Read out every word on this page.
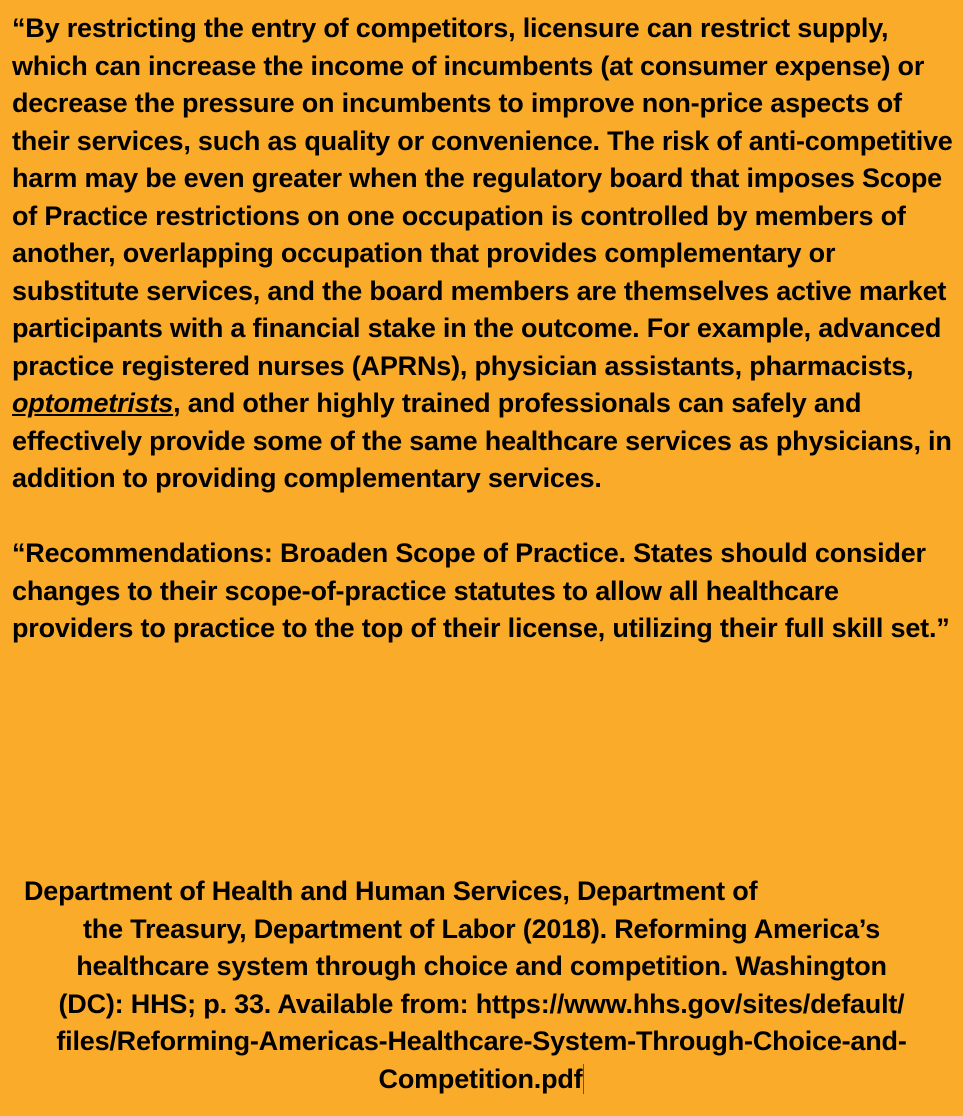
“By restricting the entry of competitors, licensure can restrict supply, which can increase the income of incumbents (at consumer expense) or decrease the pressure on incumbents to improve non-price aspects of their services, such as quality or convenience. The risk of anti-competitive harm may be even greater when the regulatory board that imposes Scope of Practice restrictions on one occupation is controlled by members of another, overlapping occupation that provides complementary or substitute services, and the board members are themselves active market participants with a financial stake in the outcome. For example, advanced practice registered nurses (APRNs), physician assistants, pharmacists, optometrists, and other highly trained professionals can safely and effectively provide some of the same healthcare services as physicians, in addition to providing complementary services.

“Recommendations: Broaden Scope of Practice. States should consider changes to their scope-of-practice statutes to allow all healthcare providers to practice to the top of their license, utilizing their full skill set.”

Department of Health and Human Services, Department of
the Treasury, Department of Labor (2018). Reforming America’s
healthcare system through choice and competition. Washington
(DC): HHS; p. 33. Available from: https://www.hhs.gov/sites/default/
files/Reforming-Americas-Healthcare-System-Through-Choice-and-
Competition.pdf
